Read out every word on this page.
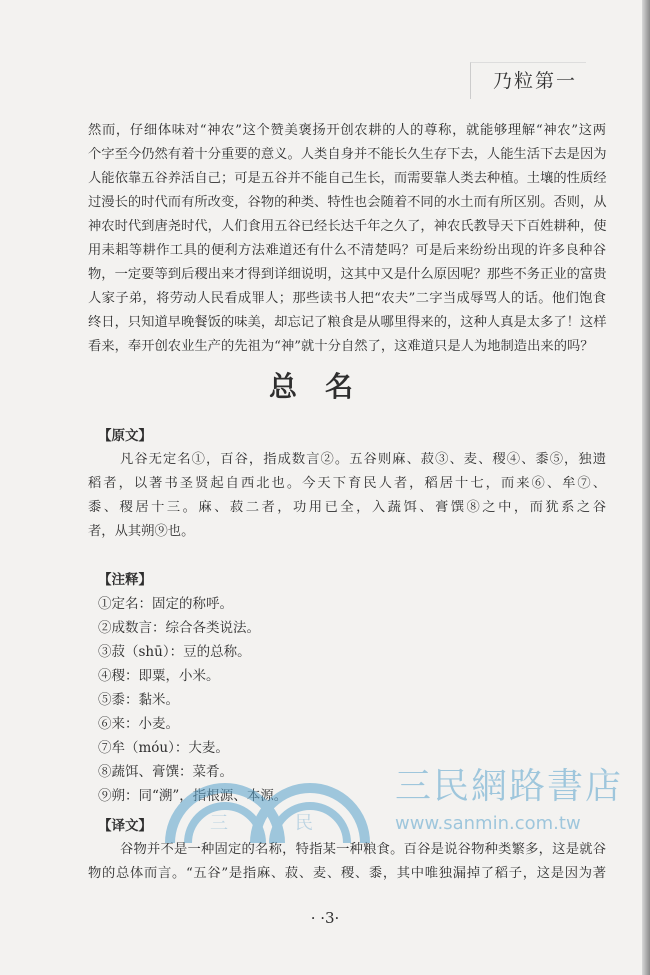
乃粒第一
然而，仔细体味对“神农”这个赞美褒扬开创农耕的人的尊称，就能够理解“神农”这两
个字至今仍然有着十分重要的意义。人类自身并不能长久生存下去，人能生活下去是因为
人能依靠五谷养活自己；可是五谷并不能自己生长，而需要靠人类去种植。土壤的性质经
过漫长的时代而有所改变，谷物的种类、特性也会随着不同的水土而有所区别。否则，从
神农时代到唐尧时代，人们食用五谷已经长达千年之久了，神农氏教导天下百姓耕种，使
用耒耜等耕作工具的便利方法难道还有什么不清楚吗？可是后来纷纷出现的许多良种谷
物，一定要等到后稷出来才得到详细说明，这其中又是什么原因呢？那些不务正业的富贵
人家子弟，将劳动人民看成罪人；那些读书人把“农夫”二字当成辱骂人的话。他们饱食
终日，只知道早晚餐饭的味美，却忘记了粮食是从哪里得来的，这种人真是太多了！这样
看来，奉开创农业生产的先祖为“神”就十分自然了，这难道只是人为地制造出来的吗？
总名
【原文】
凡谷无定名①，百谷，指成数言②。五谷则麻、菽③、麦、稷④、黍⑤，独遗
稻者，以著书圣贤起自西北也。今天下育民人者，稻居十七，而来⑥、牟⑦、
黍、稷居十三。麻、菽二者，功用已全，入蔬饵、膏馔⑧之中，而犹系之谷
者，从其朔⑨也。
【注释】
①定名：固定的称呼。
②成数言：综合各类说法。
③菽（shū）：豆的总称。
④稷：即粟，小米。
⑤黍：黏米。
⑥来：小麦。
⑦牟（móu）：大麦。
⑧蔬饵、膏馔：菜肴。
⑨朔：同“溯”，指根源、本源。
【译文】
谷物并不是一种固定的名称，特指某一种粮食。百谷是说谷物种类繁多，这是就谷
物的总体而言。“五谷”是指麻、菽、麦、稷、黍，其中唯独漏掉了稻子，这是因为著
三	民
三民網路書店
www.sanmin.com.tw
· ·3·
